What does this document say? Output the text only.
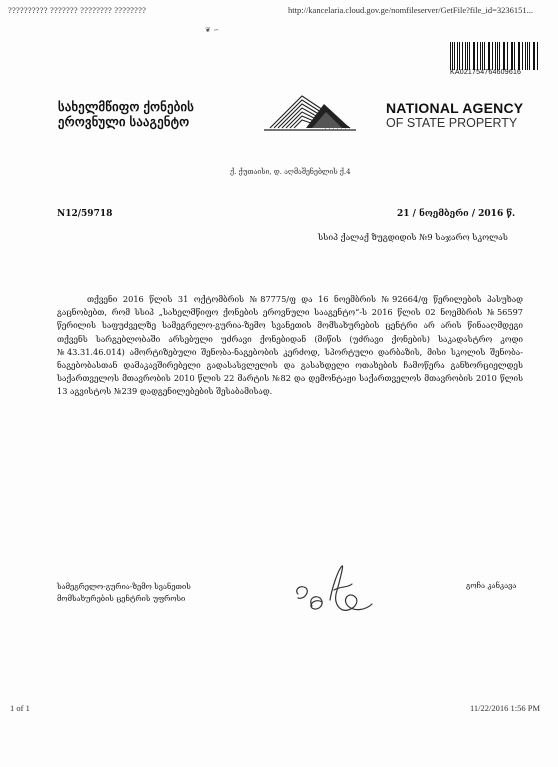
?????????? ??????? ???????? ????????	http://kancelaria.cloud.gov.ge/nomfileserver/GetFile?file_id=3236151...
❦ ∽
KA021754764609616
სახელმწიფო ქონების
ეროვნული სააგენტო
NATIONAL AGENCY
OF STATE PROPERTY
ქ. ქუთაისი, დ. აღმაშენებლის ქ.4
N12/59718	21 / ნოემბერი / 2016 წ.
სსიპ ქალაქ ზუგდიდის №9 საჯარო სკოლას

თქვენი 2016 წლის 31 ოქტომბრის №87775/ფ და 16 ნოემბრის №92664/ფ წერილების პასუხად გაცნობებთ, რომ სსიპ „სახელმწიფო ქონების ეროვნული სააგენტო“-ს 2016 წლის 02 ნოემბრის №56597 წერილის საფუძველზე სამეგრელო-გურია-ზემო სვანეთის მომსახურების ცენტრი არ არის წინააღმდეგი თქვენს სარგებლობაში არსებული უძრავი ქონებიდან (მიწის (უძრავი ქონების) საკადასტრო კოდი №43.31.46.014) ამორტიზებული შენობა-ნაგებობის კერძოდ, სპორტული დარბაზის, მისი სკოლის შენობა-ნაგებობასთან დამაკავშირებელი გადასასვლელის და გასახდელი ოთახების ჩამოწერა განხორციელდეს საქართველოს მთავრობის 2010 წლის 22 მარტის №82 და დემონტაჟი საქართველოს მთავრობის 2010 წლის 13 აგვისტოს №239 დადგენილებების შესაბამისად.

სამეგრელო-გურია-ზემო სვანეთის
მომსახურების ცენტრის უფროსი
გოჩა კანკავა
1 of 1	11/22/2016 1:56 PM
